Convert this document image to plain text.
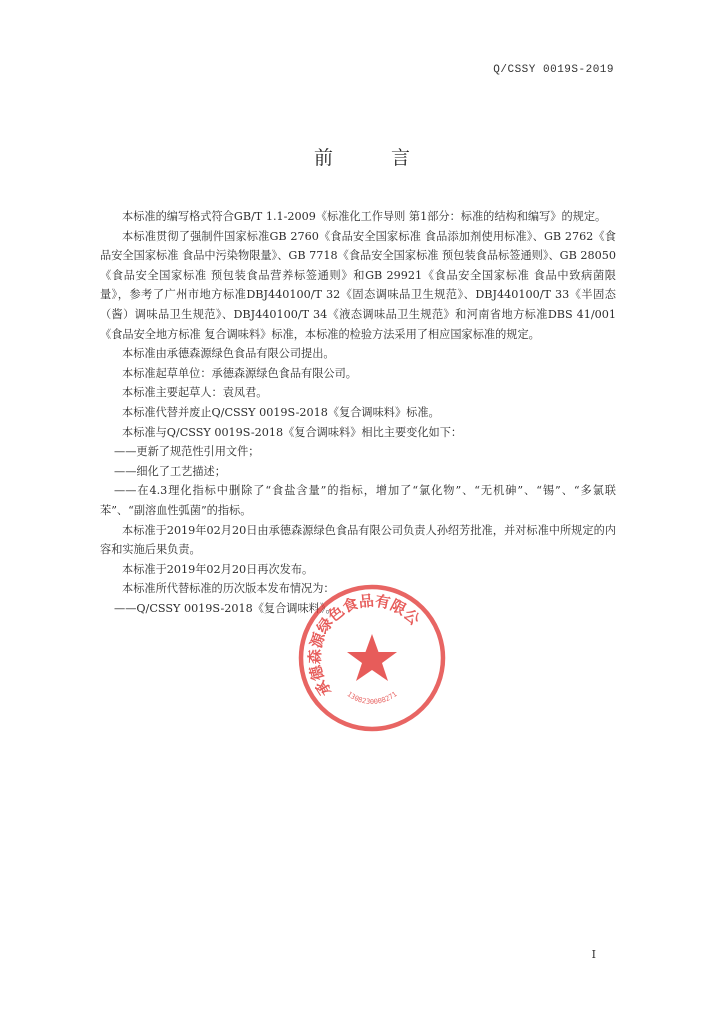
Q/CSSY 0019S-2019
前 言

本标准的编写格式符合GB/T 1.1-2009《标准化工作导则 第1部分：标准的结构和编写》的规定。

本标准贯彻了强制件国家标准GB 2760《食品安全国家标准 食品添加剂使用标准》、GB 2762《食品安全国家标准 食品中污染物限量》、GB 7718《食品安全国家标准 预包装食品标签通则》、GB 28050《食品安全国家标准 预包装食品营养标签通则》和GB 29921《食品安全国家标准 食品中致病菌限量》，参考了广州市地方标准DBJ440100/T 32《固态调味品卫生规范》、DBJ440100/T 33《半固态（酱）调味品卫生规范》、DBJ440100/T 34《液态调味品卫生规范》和河南省地方标准DBS 41/001《食品安全地方标准 复合调味料》标准，本标准的检验方法采用了相应国家标准的规定。

本标准由承德森源绿色食品有限公司提出。

本标准起草单位：承德森源绿色食品有限公司。

本标准主要起草人：袁凤君。

本标准代替并废止Q/CSSY 0019S-2018《复合调味料》标准。

本标准与Q/CSSY 0019S-2018《复合调味料》相比主要变化如下：

——更新了规范性引用文件；

——细化了工艺描述；

——在4.3理化指标中删除了“食盐含量”的指标，增加了“氯化物”、“无机砷”、“锡”、“多氯联苯”、“副溶血性弧菌”的指标。

本标准于2019年02月20日由承德森源绿色食品有限公司负责人孙绍芳批准，并对标准中所规定的内容和实施后果负责。

本标准于2019年02月20日再次发布。

本标准所代替标准的历次版本发布情况为：

——Q/CSSY 0019S-2018《复合调味料》。

承德森源绿色食品有限公司
1308230008271
I
